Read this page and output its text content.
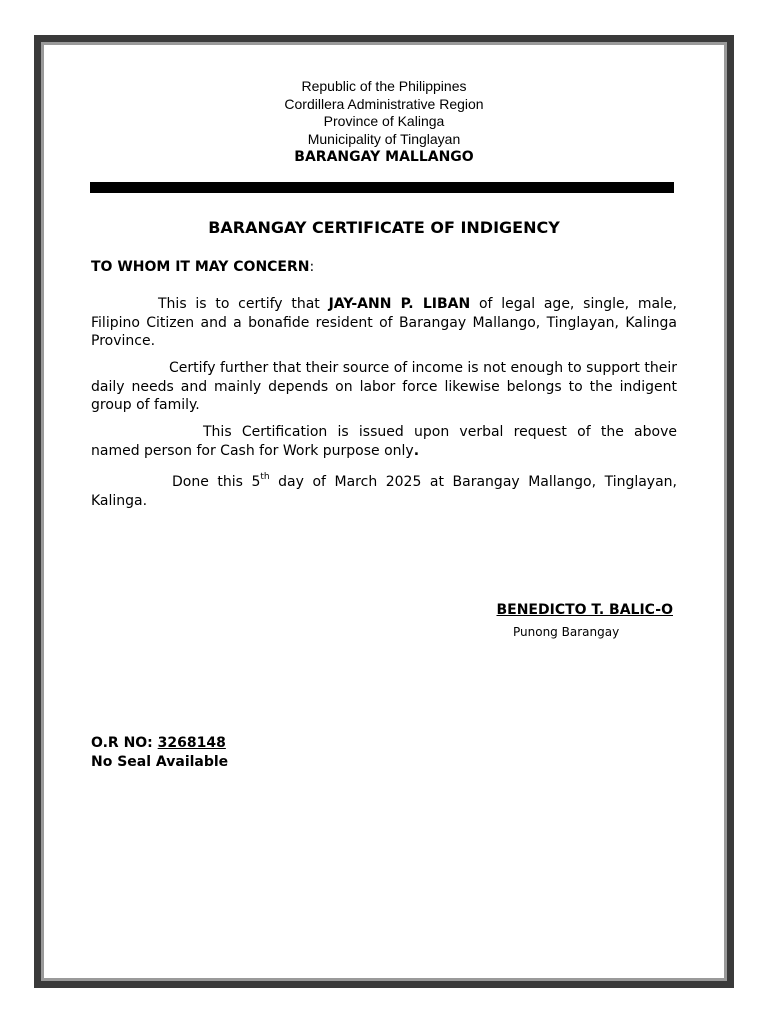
Republic of the Philippines
Cordillera Administrative Region
Province of Kalinga
Municipality of Tinglayan
BARANGAY MALLANGO
BARANGAY CERTIFICATE OF INDIGENCY
TO WHOM IT MAY CONCERN:
This is to certify that JAY-ANN P. LIBAN of legal age, single, male, Filipino Citizen and a bonafide resident of Barangay Mallango, Tinglayan, Kalinga Province.
Certify further that their source of income is not enough to support their daily needs and mainly depends on labor force likewise belongs to the indigent group of family.
This Certification is issued upon verbal request of the above named person for Cash for Work purpose only.
Done this 5th day of March 2025 at Barangay Mallango, Tinglayan, Kalinga.
BENEDICTO T. BALIC-O
Punong Barangay
O.R NO: 3268148
No Seal Available
